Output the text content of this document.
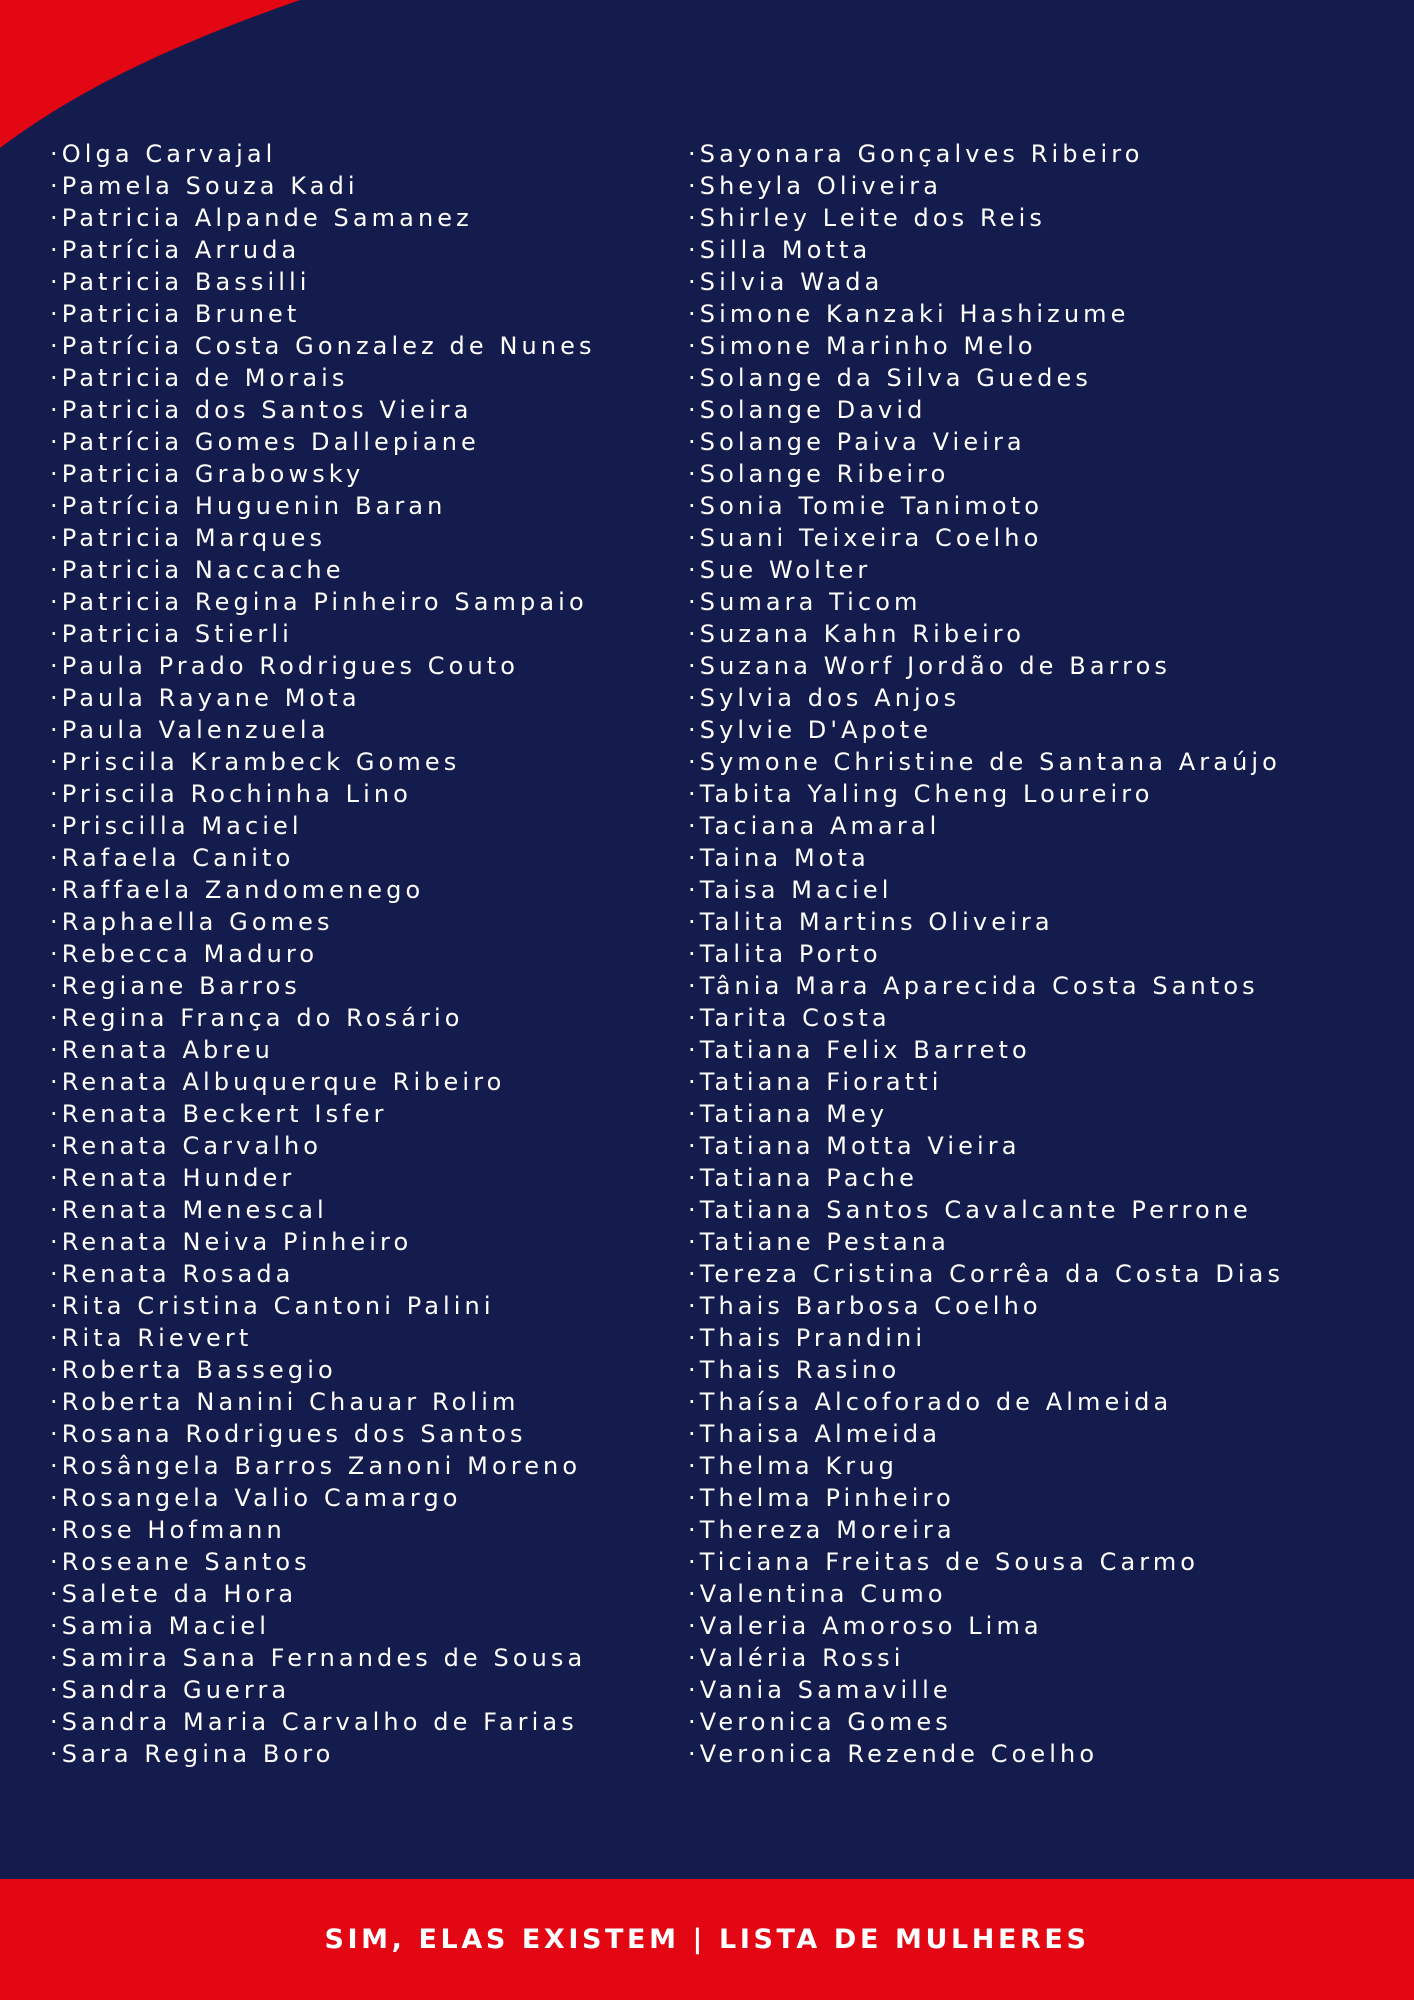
·Olga Carvajal
·Pamela Souza Kadi
·Patricia Alpande Samanez
·Patrícia Arruda
·Patricia Bassilli
·Patricia Brunet
·Patrícia Costa Gonzalez de Nunes
·Patricia de Morais
·Patricia dos Santos Vieira
·Patrícia Gomes Dallepiane
·Patricia Grabowsky
·Patrícia Huguenin Baran
·Patricia Marques
·Patricia Naccache
·Patricia Regina Pinheiro Sampaio
·Patricia Stierli
·Paula Prado Rodrigues Couto
·Paula Rayane Mota
·Paula Valenzuela
·Priscila Krambeck Gomes
·Priscila Rochinha Lino
·Priscilla Maciel
·Rafaela Canito
·Raffaela Zandomenego
·Raphaella Gomes
·Rebecca Maduro
·Regiane Barros
·Regina França do Rosário
·Renata Abreu
·Renata Albuquerque Ribeiro
·Renata Beckert Isfer
·Renata Carvalho
·Renata Hunder
·Renata Menescal
·Renata Neiva Pinheiro
·Renata Rosada
·Rita Cristina Cantoni Palini
·Rita Rievert
·Roberta Bassegio
·Roberta Nanini Chauar Rolim
·Rosana Rodrigues dos Santos
·Rosângela Barros Zanoni Moreno
·Rosangela Valio Camargo
·Rose Hofmann
·Roseane Santos
·Salete da Hora
·Samia Maciel
·Samira Sana Fernandes de Sousa
·Sandra Guerra
·Sandra Maria Carvalho de Farias
·Sara Regina Boro
·Sayonara Gonçalves Ribeiro
·Sheyla Oliveira
·Shirley Leite dos Reis
·Silla Motta
·Silvia Wada
·Simone Kanzaki Hashizume
·Simone Marinho Melo
·Solange da Silva Guedes
·Solange David
·Solange Paiva Vieira
·Solange Ribeiro
·Sonia Tomie Tanimoto
·Suani Teixeira Coelho
·Sue Wolter
·Sumara Ticom
·Suzana Kahn Ribeiro
·Suzana Worf Jordão de Barros
·Sylvia dos Anjos
·Sylvie D'Apote
·Symone Christine de Santana Araújo
·Tabita Yaling Cheng Loureiro
·Taciana Amaral
·Taina Mota
·Taisa Maciel
·Talita Martins Oliveira
·Talita Porto
·Tânia Mara Aparecida Costa Santos
·Tarita Costa
·Tatiana Felix Barreto
·Tatiana Fioratti
·Tatiana Mey
·Tatiana Motta Vieira
·Tatiana Pache
·Tatiana Santos Cavalcante Perrone
·Tatiane Pestana
·Tereza Cristina Corrêa da Costa Dias
·Thais Barbosa Coelho
·Thais Prandini
·Thais Rasino
·Thaísa Alcoforado de Almeida
·Thaisa Almeida
·Thelma Krug
·Thelma Pinheiro
·Thereza Moreira
·Ticiana Freitas de Sousa Carmo
·Valentina Cumo
·Valeria Amoroso Lima
·Valéria Rossi
·Vania Samaville
·Veronica Gomes
·Veronica Rezende Coelho
SIM, ELAS EXISTEM | LISTA DE MULHERES
